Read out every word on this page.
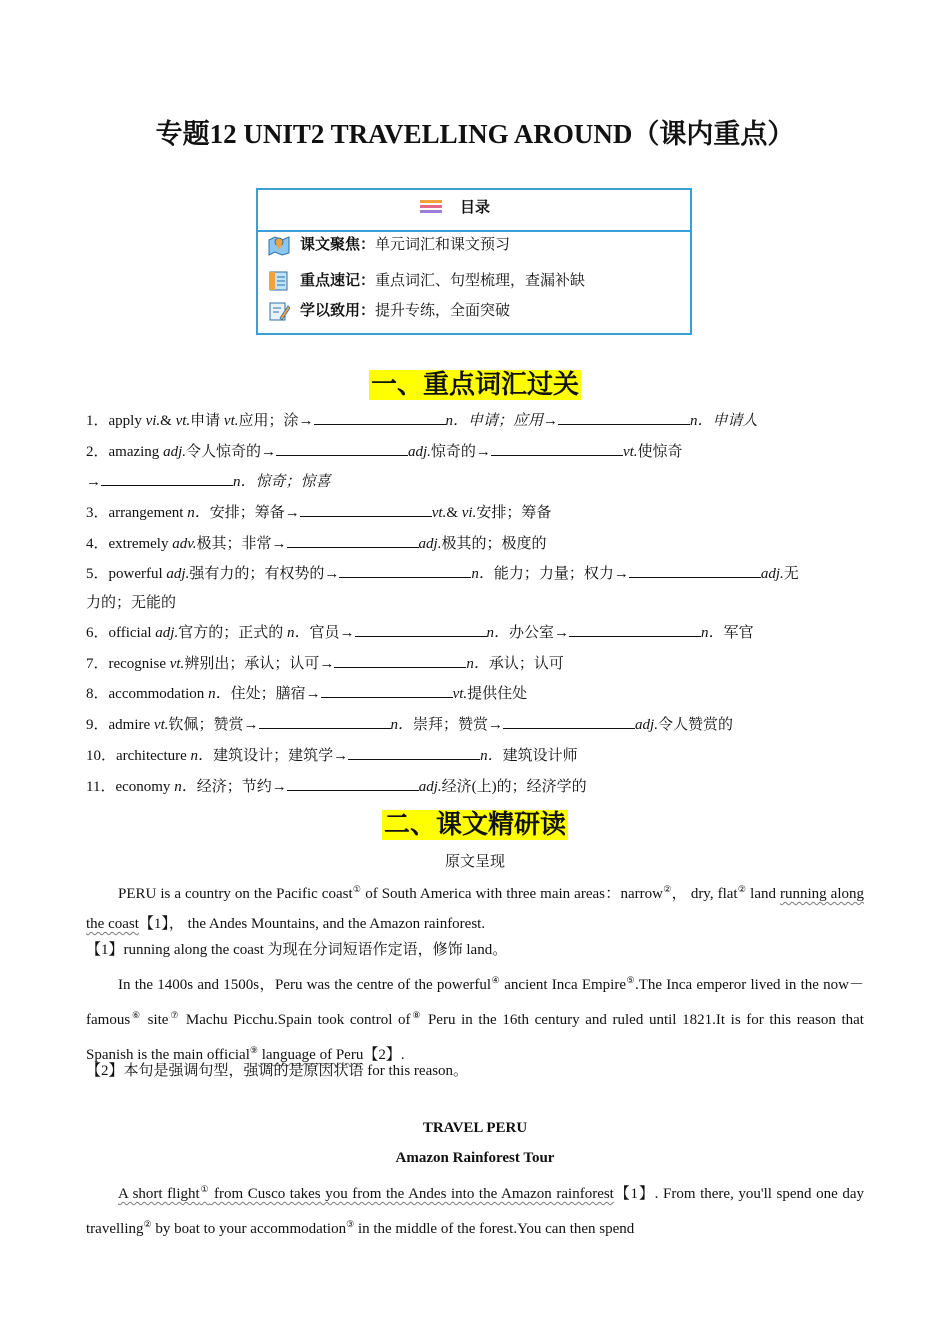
专题12 UNIT2 TRAVELLING AROUND（课内重点）
目录
课文聚焦：单元词汇和课文预习
重点速记：重点词汇、句型梳理，查漏补缺
学以致用：提升专练，全面突破
一、重点词汇过关
1．apply vi.& vt.申请 vt.应用；涂→	n．申请；应用→	n．申请人
2．amazing adj.令人惊奇的→	adj.惊奇的→	vt.使惊奇
→	n．惊奇；惊喜
3．arrangement n．安排；筹备→	vt.& vi.安排；筹备
4．extremely adv.极其；非常→	adj.极其的；极度的
5．powerful adj.强有力的；有权势的→	n．能力；力量；权力→	adj.无
力的；无能的
6．official adj.官方的；正式的 n．官员→	n．办公室→	n．军官
7．recognise vt.辨别出；承认；认可→	n．承认；认可
8．accommodation n．住处；膳宿→	vt.提供住处
9．admire vt.钦佩；赞赏→	n．崇拜；赞赏→	adj.令人赞赏的
10．architecture n．建筑设计；建筑学→	n．建筑设计师
11．economy n．经济；节约→	adj.经济(上)的；经济学的
二、课文精研读
原文呈现
PERU is a country on the Pacific coast① of South America with three main areas：narrow②， dry, flat② land running along the coast【1】， the Andes Mountains, and the Amazon rainforest.
【1】running along the coast 为现在分词短语作定语，修饰 land。
In the 1400s and 1500s，Peru was the centre of the powerful④ ancient Inca Empire⑤.The Inca emperor lived in the now－famous⑥ site⑦ Machu Picchu.Spain took control of⑧ Peru in the 16th century and ruled until 1821.It is for this reason that Spanish is the main official⑨ language of Peru【2】.
【2】本句是强调句型，强调的是原因状语 for this reason。
TRAVEL PERU
Amazon Rainforest Tour
A short flight① from Cusco takes you from the Andes into the Amazon rainforest【1】. From there, you'll spend one day travelling② by boat to your accommodation③ in the middle of the forest.You can then spend
